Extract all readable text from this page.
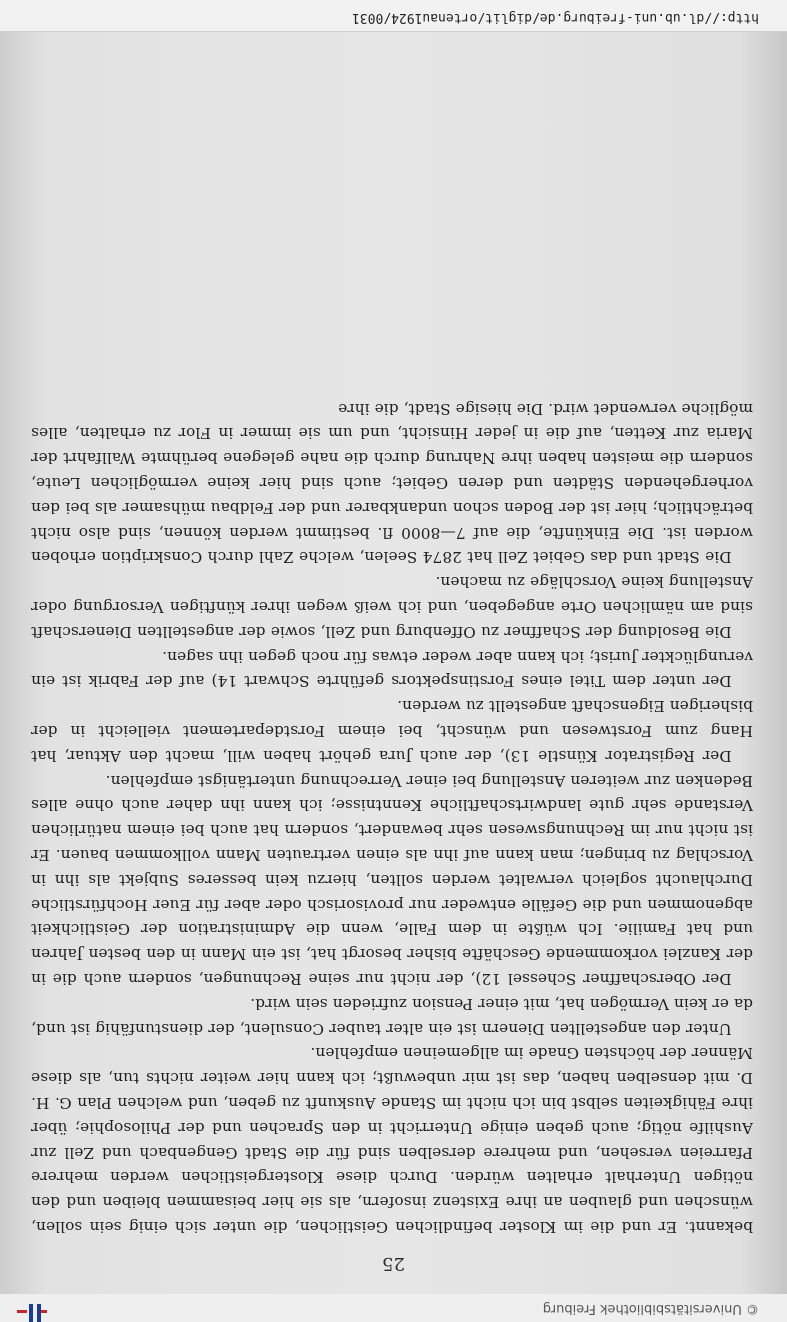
© Universitätsbibliothek Freiburg
25

bekannt. Er und die im Kloster befindlichen Geistlichen, die unter sich einig sein sollen, wünschen und glauben an ihre Existenz insofern, als sie hier beisammen bleiben und den nötigen Unterhalt erhalten würden. Durch diese Klostergeistlichen werden mehrere Pfarreien versehen, und mehrere derselben sind für die Stadt Gengenbach und Zell zur Aushilfe nötig; auch geben einige Unterricht in den Sprachen und der Philosophie; über ihre Fähigkeiten selbst bin ich nicht im Stande Auskunft zu geben, und welchen Plan G. H. D. mit denselben haben, das ist mir unbewußt; ich kann hier weiter nichts tun, als diese Männer der höchsten Gnade im allgemeinen empfehlen.

Unter den angestellten Dienern ist ein alter tauber Consulent, der dienstunfähig ist und, da er kein Vermögen hat, mit einer Pension zufrieden sein wird.

Der Oberschaffner Schessel 12), der nicht nur seine Rechnungen, sondern auch die in der Kanzlei vorkommende Geschäfte bisher besorgt hat, ist ein Mann in den besten Jahren und hat Familie. Ich wüßte in dem Falle, wenn die Administration der Geistlichkeit abgenommen und die Gefälle entweder nur provisorisch oder aber für Euer Hochfürstliche Durchlaucht sogleich verwaltet werden sollten, hierzu kein besseres Subjekt als ihn in Vorschlag zu bringen; man kann auf ihn als einen vertrauten Mann vollkommen bauen. Er ist nicht nur im Rechnungswesen sehr bewandert, sondern hat auch bei einem natürlichen Verstande sehr gute landwirtschaftliche Kenntnisse; ich kann ihn daher auch ohne alles Bedenken zur weiteren Anstellung bei einer Verrechnung untertänigst empfehlen.

Der Registrator Künstle 13), der auch Jura gehört haben will, macht den Aktuar, hat Hang zum Forstwesen und wünscht, bei einem Forstdepartement vielleicht in der bisherigen Eigenschaft angestellt zu werden.

Der unter dem Titel eines Forstinspektors geführte Schwart 14) auf der Fabrik ist ein verunglückter Jurist; ich kann aber weder etwas für noch gegen ihn sagen.

Die Besoldung der Schaffner zu Offenburg und Zell, sowie der angestellten Dienerschaft sind am nämlichen Orte angegeben, und ich weiß wegen ihrer künftigen Versorgung oder Anstellung keine Vorschläge zu machen.

Die Stadt und das Gebiet Zell hat 2874 Seelen, welche Zahl durch Conskription erhoben worden ist. Die Einkünfte, die auf 7—8000 fl. bestimmt werden können, sind also nicht beträchtlich; hier ist der Boden schon undankbarer und der Feldbau mühsamer als bei den vorhergehenden Städten und deren Gebiet; auch sind hier keine vermöglichen Leute, sondern die meisten haben ihre Nahrung durch die nahe gelegene berühmte Wallfahrt der Maria zur Ketten, auf die in jeder Hinsicht, und um sie immer in Flor zu erhalten, alles mögliche verwendet wird. Die hiesige Stadt, die ihre

http://dl.ub.uni-freiburg.de/diglit/ortenau1924/0031
